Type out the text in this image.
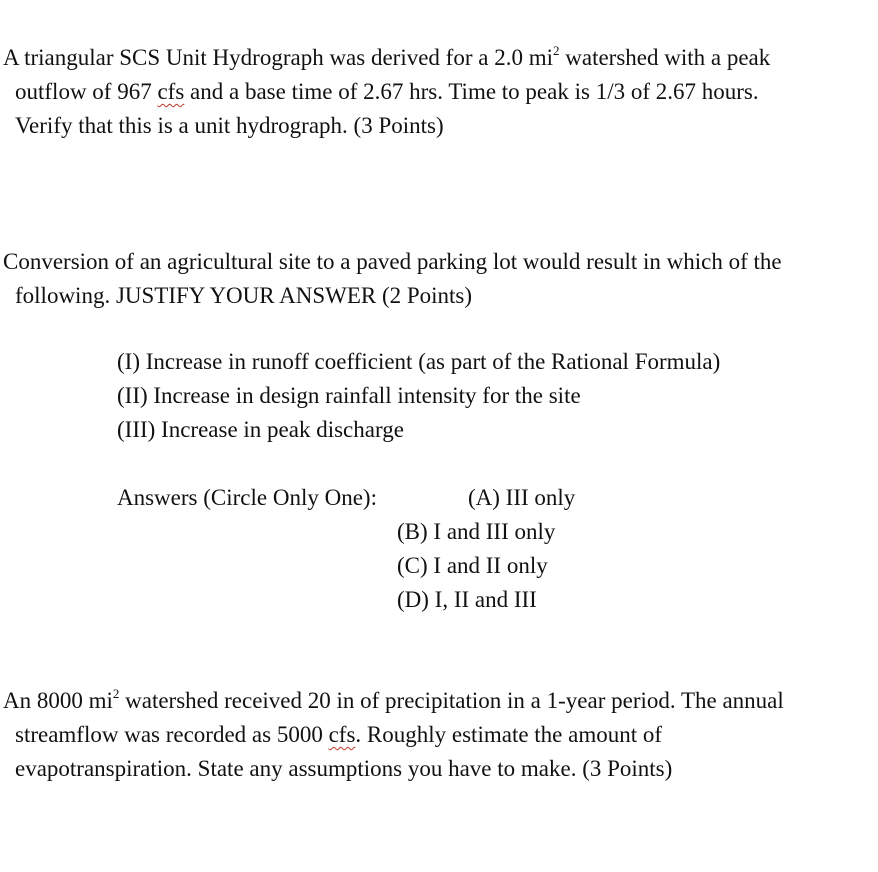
A triangular SCS Unit Hydrograph was derived for a 2.0 $mi^2$ watershed with a peak
outflow of 967 cfs and a base time of 2.67 hrs. Time to peak is 1/3 of 2.67 hours.
Verify that this is a unit hydrograph. (3 Points)
Conversion of an agricultural site to a paved parking lot would result in which of the
following. JUSTIFY YOUR ANSWER (2 Points)
(I) Increase in runoff coefficient (as part of the Rational Formula)
(II) Increase in design rainfall intensity for the site
(III) Increase in peak discharge
Answers (Circle Only One):	(A) III only
(B) I and III only
(C) I and II only
(D) I, II and III
An 8000 $mi^2$ watershed received 20 in of precipitation in a 1-year period. The annual
streamflow was recorded as 5000 cfs. Roughly estimate the amount of
evapotranspiration. State any assumptions you have to make. (3 Points)
